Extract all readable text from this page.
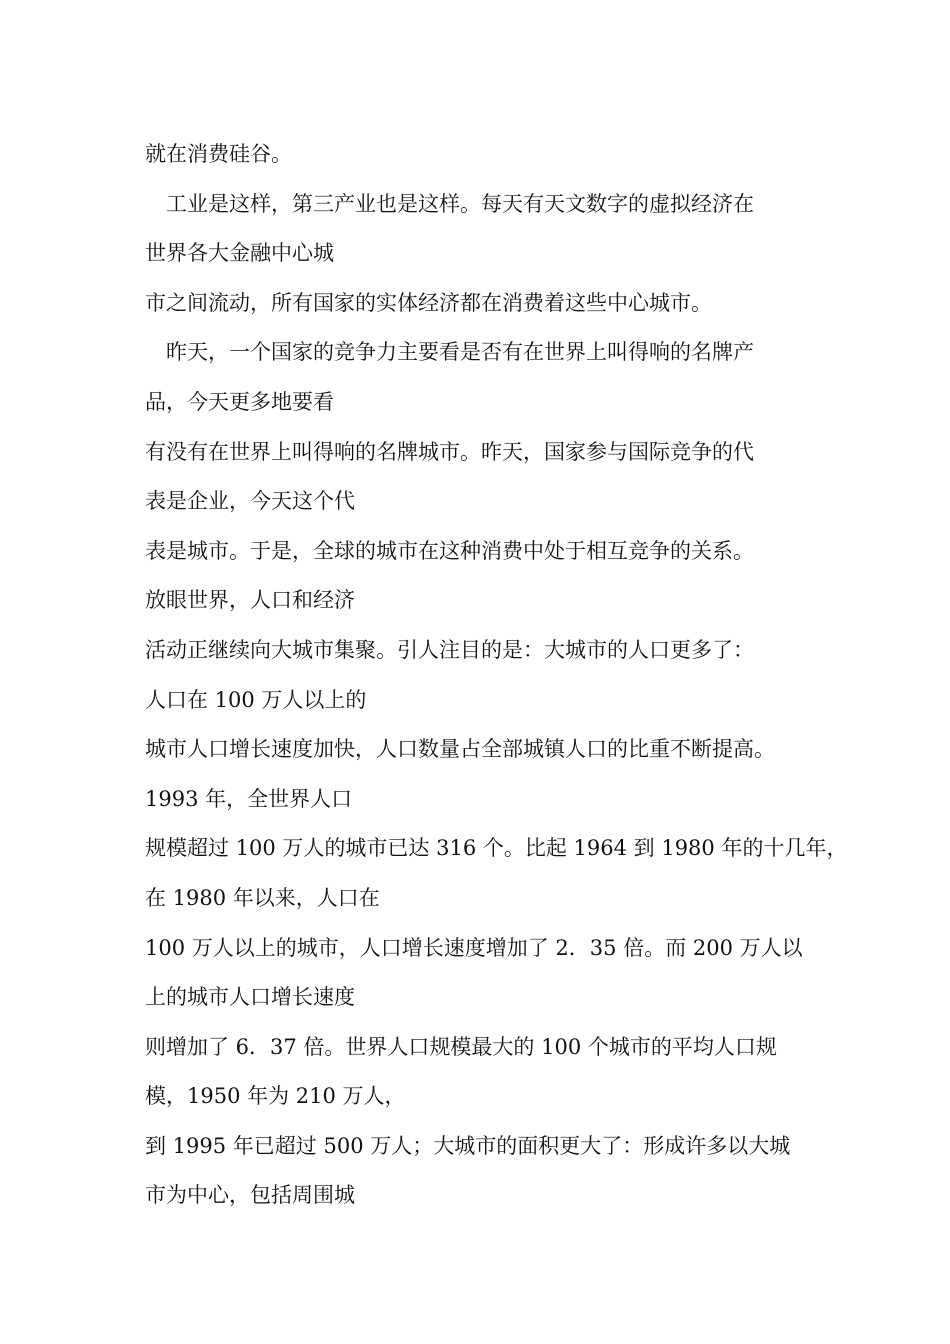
就在消费硅谷。
工业是这样，第三产业也是这样。每天有天文数字的虚拟经济在
世界各大金融中心城
市之间流动，所有国家的实体经济都在消费着这些中心城市。
昨天，一个国家的竞争力主要看是否有在世界上叫得响的名牌产
品，今天更多地要看
有没有在世界上叫得响的名牌城市。昨天，国家参与国际竞争的代
表是企业，今天这个代
表是城市。于是，全球的城市在这种消费中处于相互竞争的关系。
放眼世界，人口和经济
活动正继续向大城市集聚。引人注目的是：大城市的人口更多了：
人口在 100 万人以上的
城市人口增长速度加快，人口数量占全部城镇人口的比重不断提高。
1993 年，全世界人口
规模超过 100 万人的城市已达 316 个。比起 1964 到 1980 年的十几年，
在 1980 年以来，人口在
100 万人以上的城市，人口增长速度增加了 2．35 倍。而 200 万人以
上的城市人口增长速度
则增加了 6．37 倍。世界人口规模最大的 100 个城市的平均人口规
模，1950 年为 210 万人，
到 1995 年已超过 500 万人；大城市的面积更大了：形成许多以大城
市为中心，包括周围城
